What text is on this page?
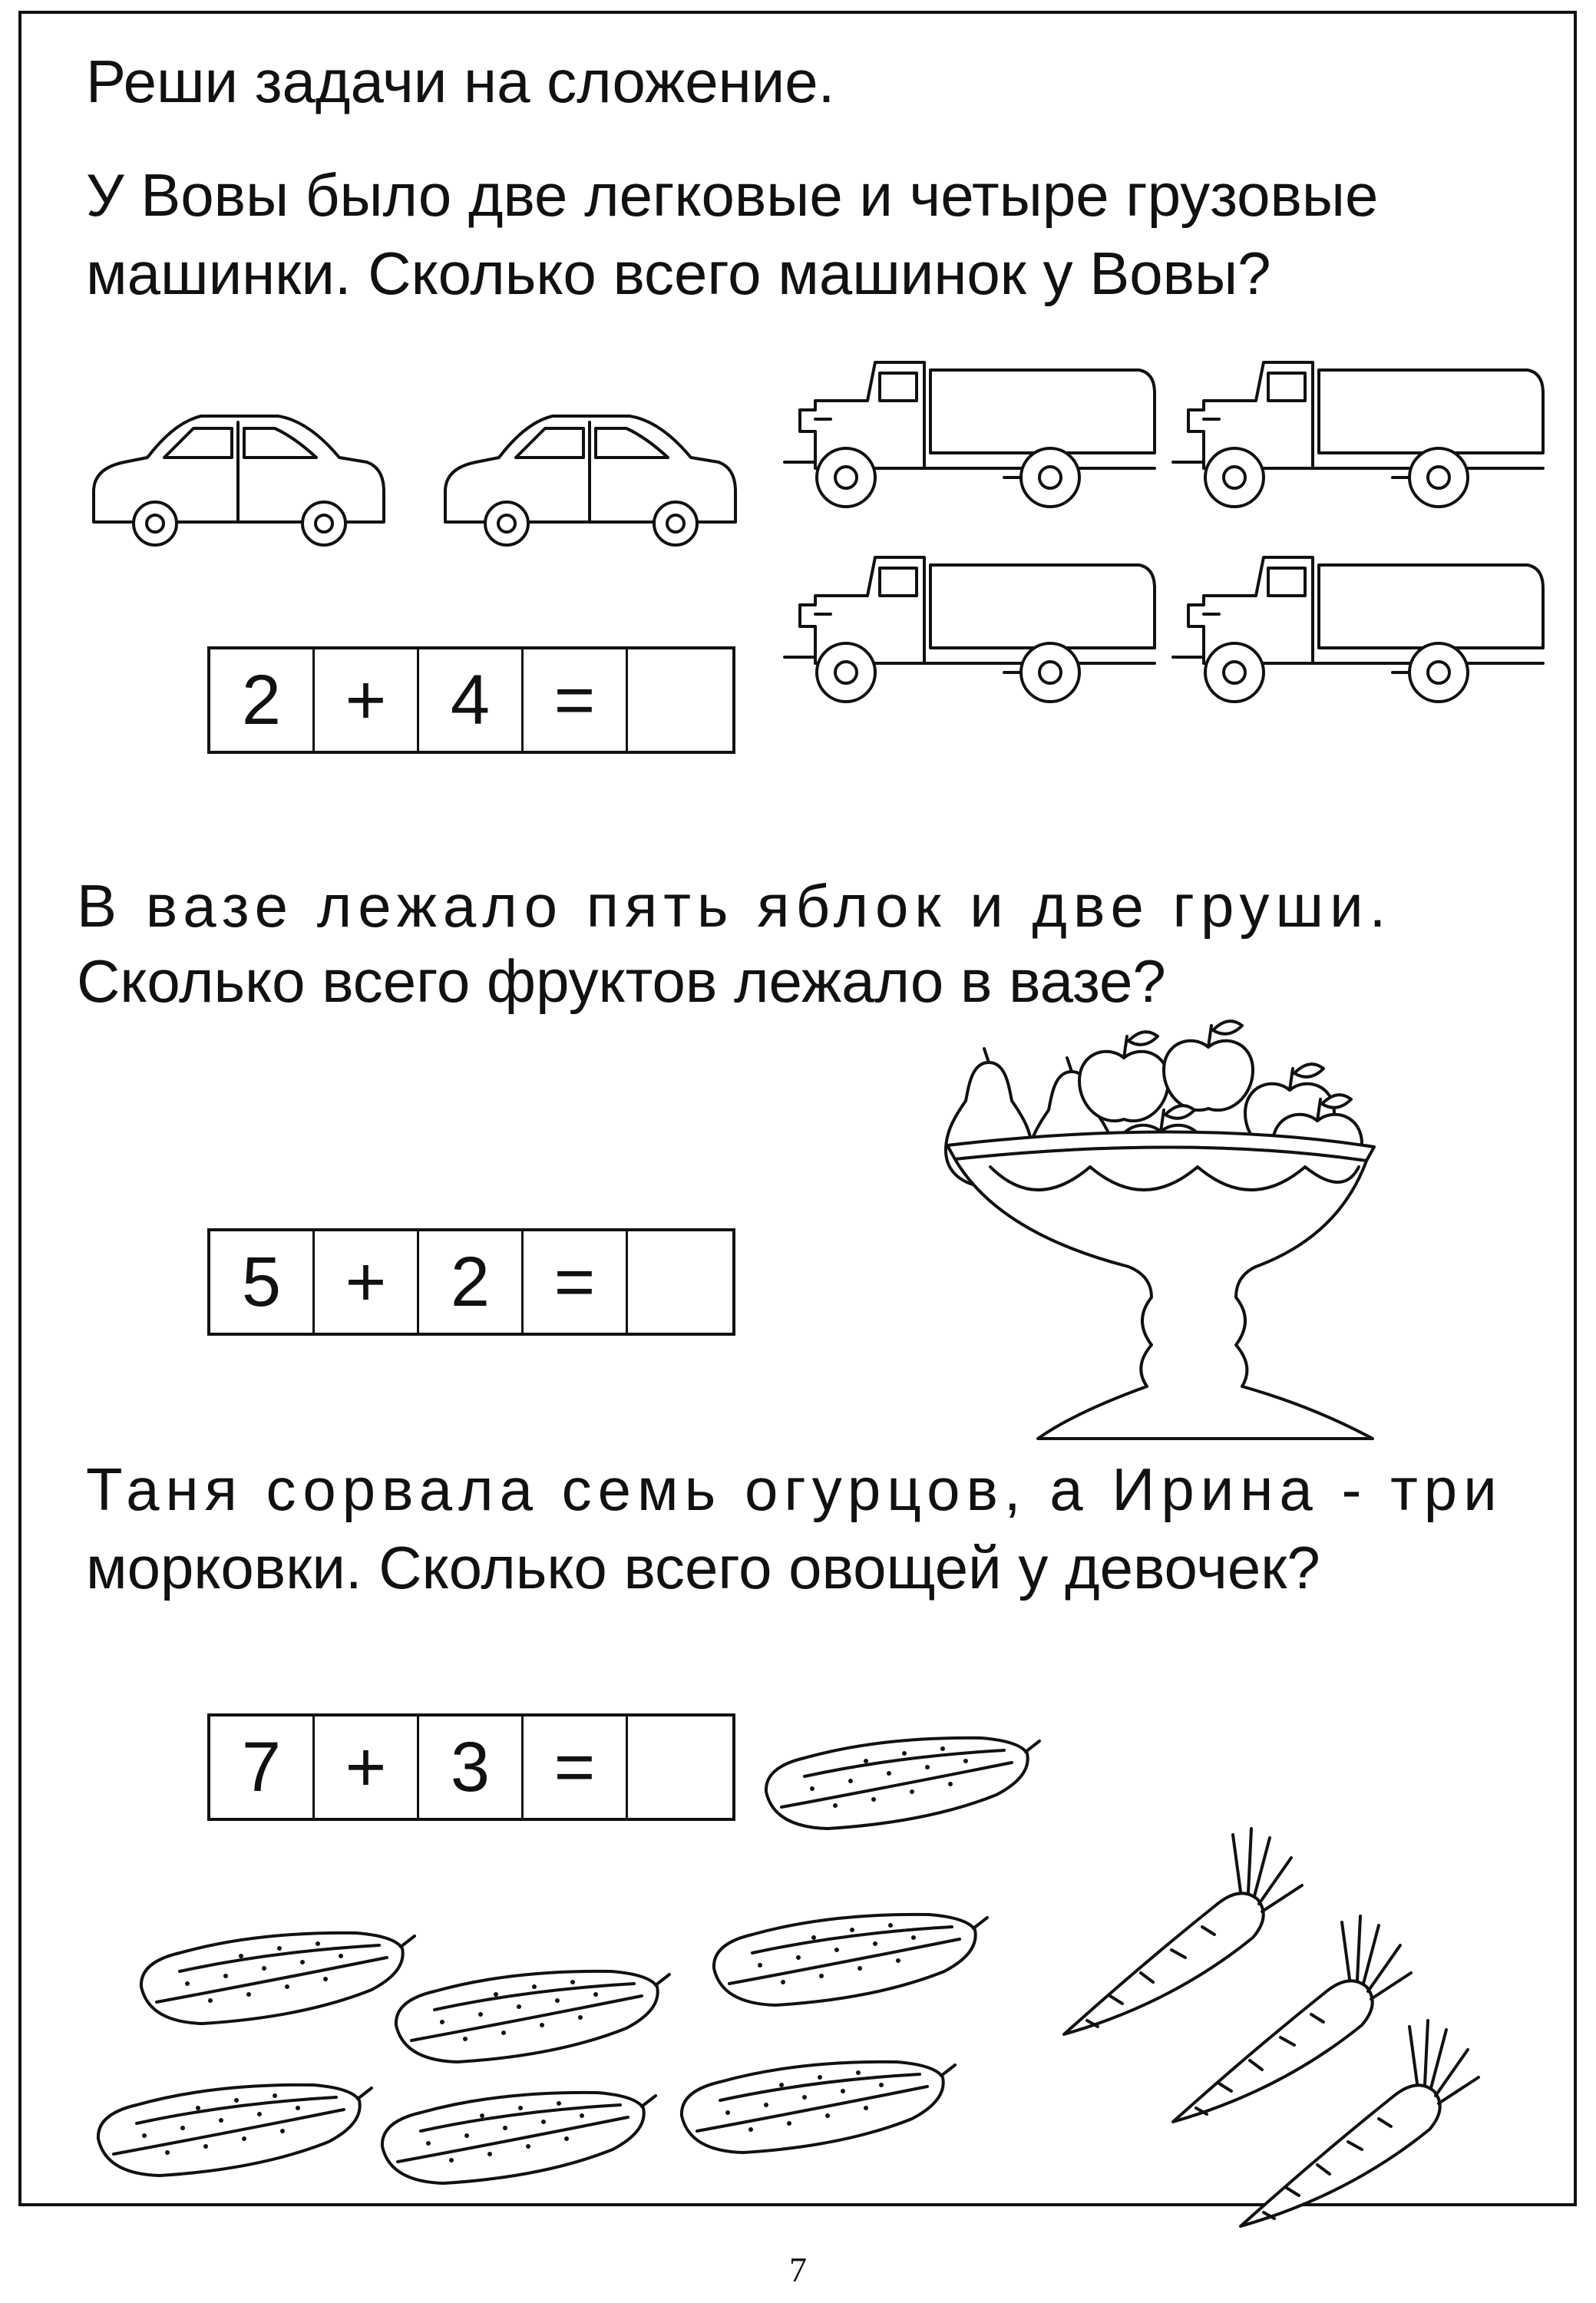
Реши задачи на сложение.

У Вовы было две легковые и четыре грузовые

машинки. Сколько всего машинок у Вовы?

2 + 4 =

В вазе лежало пять яблок и две груши.

Сколько всего фруктов лежало в вазе?

5 + 2 =

Таня сорвала семь огурцов, а Ирина - три

морковки. Сколько всего овощей у девочек?

7 + 3 =
7
